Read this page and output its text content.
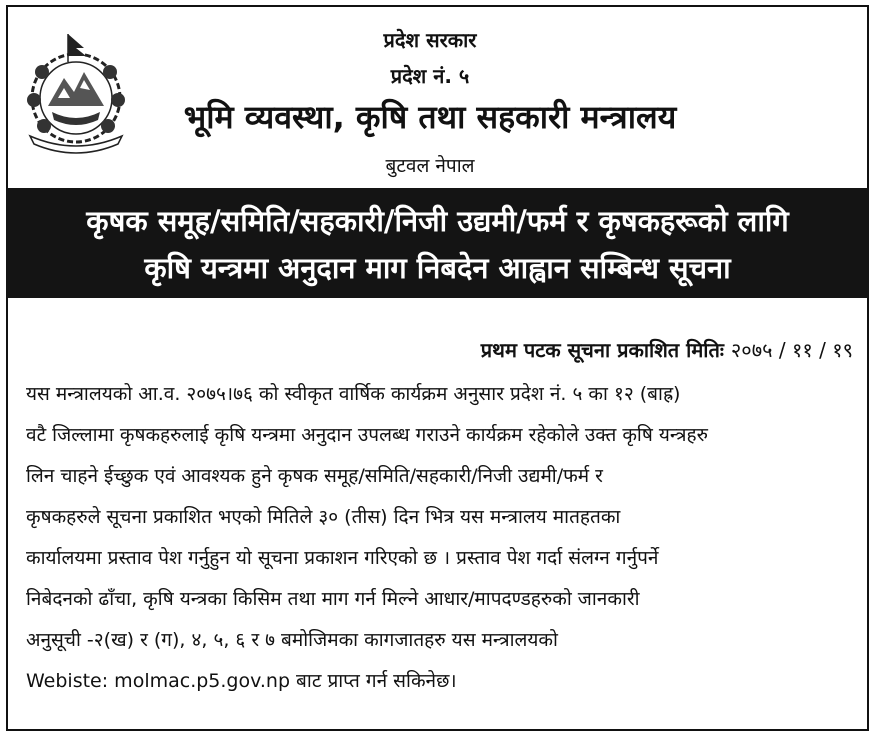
प्रदेश सरकार
प्रदेश नं. ५
भूमि व्यवस्था, कृषि तथा सहकारी मन्त्रालय
बुटवल नेपाल
कृषक समूह/समिति/सहकारी/निजी उद्यमी/फर्म र कृषकहरूको लागि
कृषि यन्त्रमा अनुदान माग निबदेन आह्वान सम्बिन्ध सूचना
प्रथम पटक सूचना प्रकाशित मितिः २०७५ / ११ / १९
यस मन्त्रालयको आ.व. २०७५।७६ को स्वीकृत वार्षिक कार्यक्रम अनुसार प्रदेश नं. ५ का १२ (बाह्र)
वटै जिल्लामा कृषकहरुलाई कृषि यन्त्रमा अनुदान उपलब्ध गराउने कार्यक्रम रहेकोले उक्त कृषि यन्त्रहरु
लिन चाहने ईच्छुक एवं आवश्यक हुने कृषक समूह/समिति/सहकारी/निजी उद्यमी/फर्म र
कृषकहरुले सूचना प्रकाशित भएको मितिले ३० (तीस) दिन भित्र यस मन्त्रालय मातहतका
कार्यालयमा प्रस्ताव पेश गर्नुहुन यो सूचना प्रकाशन गरिएको छ । प्रस्ताव पेश गर्दा संलग्न गर्नुपर्ने
निबेदनको ढाँचा, कृषि यन्त्रका किसिम तथा माग गर्न मिल्ने आधार/मापदण्डहरुको जानकारी
अनुसूची -२(ख) र (ग), ४, ५, ६ र ७ बमोजिमका कागजातहरु यस मन्त्रालयको
Webiste: molmac.p5.gov.np बाट प्राप्त गर्न सकिनेछ।
